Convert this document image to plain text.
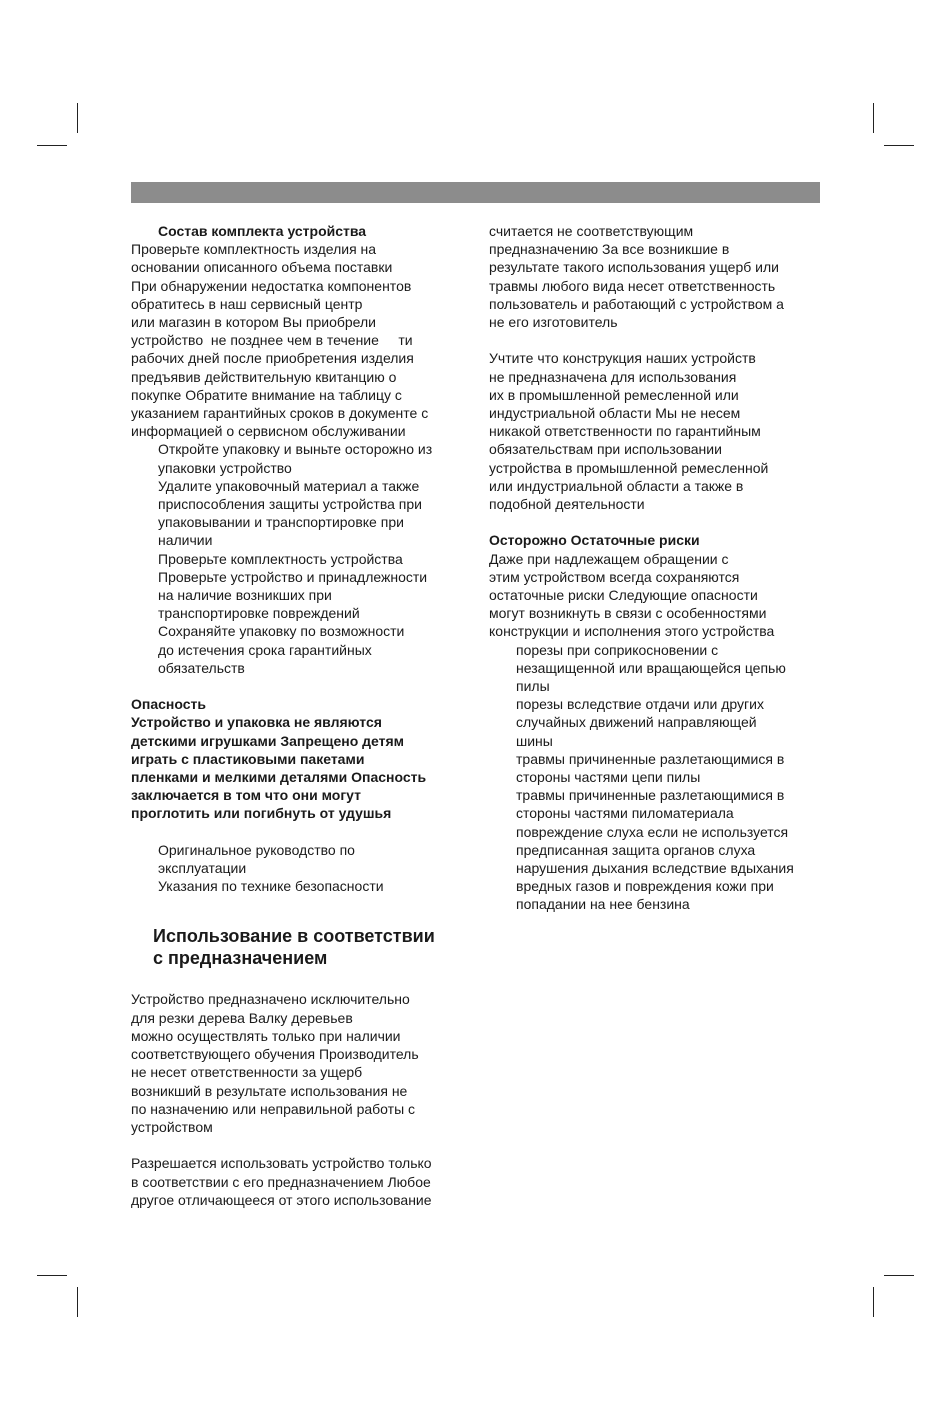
Состав комплекта устройства
Проверьте комплектность изделия на
основании описанного объема поставки
При обнаружении недостатка компонентов
обратитесь в наш сервисный центр
или магазин в котором Вы приобрели
устройство  не позднее чем в течение     ти
рабочих дней после приобретения изделия
предъявив действительную квитанцию о
покупке Обратите внимание на таблицу с
указанием гарантийных сроков в документе с
информацией о сервисном обслуживании
Откройте упаковку и выньте осторожно из
упаковки устройство
Удалите упаковочный материал а также
приспособления защиты устройства при
упаковывании и транспортировке при
наличии
Проверьте комплектность устройства
Проверьте устройство и принадлежности
на наличие возникших при
транспортировке повреждений
Сохраняйте упаковку по возможности
до истечения срока гарантийных
обязательств
Опасность
Устройство и упаковка не являются
детскими игрушками Запрещено детям
играть с пластиковыми пакетами
пленками и мелкими деталями Опасность
заключается в том что они могут
проглотить или погибнуть от удушья
Оригинальное руководство по
эксплуатации
Указания по технике безопасности
Использование в соответствии
с предназначением
Устройство предназначено исключительно
для резки дерева Валку деревьев
можно осуществлять только при наличии
соответствующего обучения Производитель
не несет ответственности за ущерб
возникший в результате использования не
по назначению или неправильной работы с
устройством
Разрешается использовать устройство только
в соответствии с его предназначением Любое
другое отличающееся от этого использование
считается не соответствующим
предназначению За все возникшие в
результате такого использования ущерб или
травмы любого вида несет ответственность
пользователь и работающий с устройством а
не его изготовитель
Учтите что конструкция наших устройств
не предназначена для использования
их в промышленной ремесленной или
индустриальной области Мы не несем
никакой ответственности по гарантийным
обязательствам при использовании
устройства в промышленной ремесленной
или индустриальной области а также в
подобной деятельности
Осторожно Остаточные риски
Даже при надлежащем обращении с
этим устройством всегда сохраняются
остаточные риски Следующие опасности
могут возникнуть в связи с особенностями
конструкции и исполнения этого устройства
порезы при соприкосновении с
незащищенной или вращающейся цепью
пилы
порезы вследствие отдачи или других
случайных движений направляющей
шины
травмы причиненные разлетающимися в
стороны частями цепи пилы
травмы причиненные разлетающимися в
стороны частями пиломатериала
повреждение слуха если не используется
предписанная защита органов слуха
нарушения дыхания вследствие вдыхания
вредных газов и повреждения кожи при
попадании на нее бензина
